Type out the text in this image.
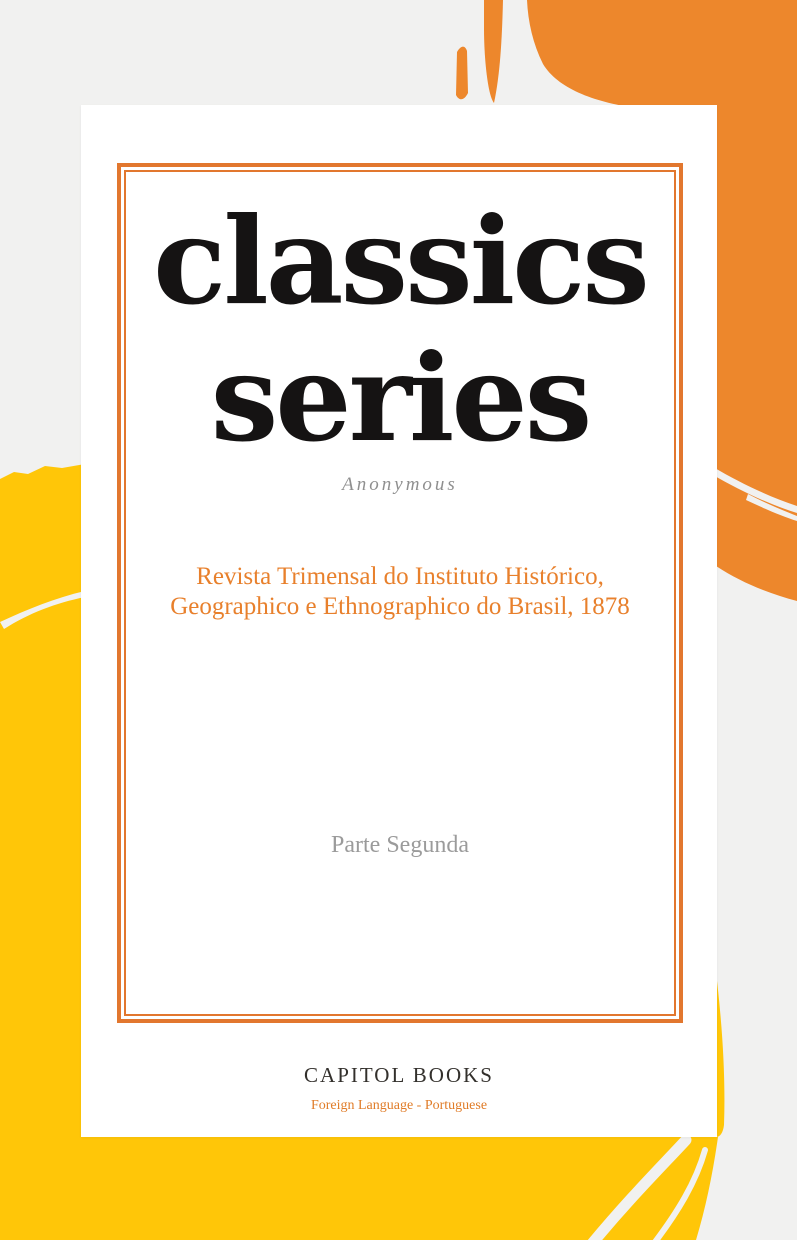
classics
series
Anonymous
Revista Trimensal do Instituto Histórico,
Geographico e Ethnographico do Brasil, 1878
Parte Segunda
CAPITOL BOOKS
Foreign Language - Portuguese
